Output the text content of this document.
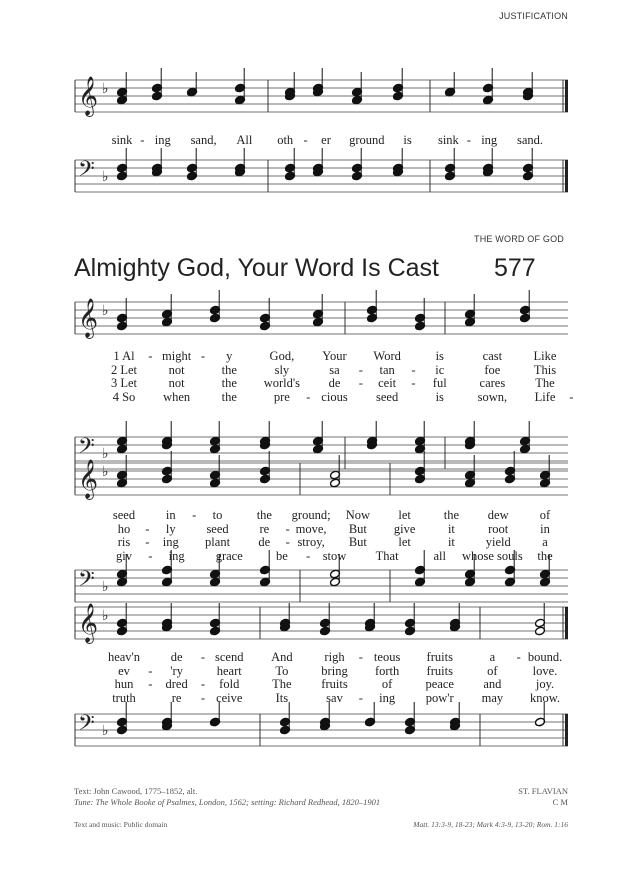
JUSTIFICATION
THE WORD OF GOD
Almighty God, Your Word Is Cast 577
𝄞 ♭
𝄢 ♭
𝄞 ♭
𝄢 ♭
𝄞 ♭
𝄢 ♭
𝄞 ♭
𝄢 ♭
Text: John Cawood, 1775–1852, alt.
Tune: The Whole Booke of Psalmes, London, 1562; setting: Richard Redhead, 1820–1901
ST. FLAVIAN
C M
Text and music: Public domain	Matt. 13:3-9, 18-23; Mark 4:3-9, 13-20; Rom. 1:16
sink - ing sand, All oth - er ground is sink - ing sand.
1 Al - might - y	God, Your Word	is	cast	Like
2 Let	not	the	sly	sa - tan - ic	foe	This
3 Let	not	the world's de - ceit - ful	cares The
4 So when	the	pre - cious seed	is	sown, Life -
seed in - to	the ground; Now let	the dew of
ho - ly seed re - move, But give	it	root	in
ris - ing plant de - stroy, But	let	it yield	a
giv - ing grace	be - stow That	all whose souls the
heav'n de - scend And	righ - teous fruits	a - bound.
ev - 'ry	heart	To	bring forth fruits	of	love.
hun - dred - fold	The fruits	of	peace and	joy.
truth	re - ceive	Its	sav - ing pow'r may know.
